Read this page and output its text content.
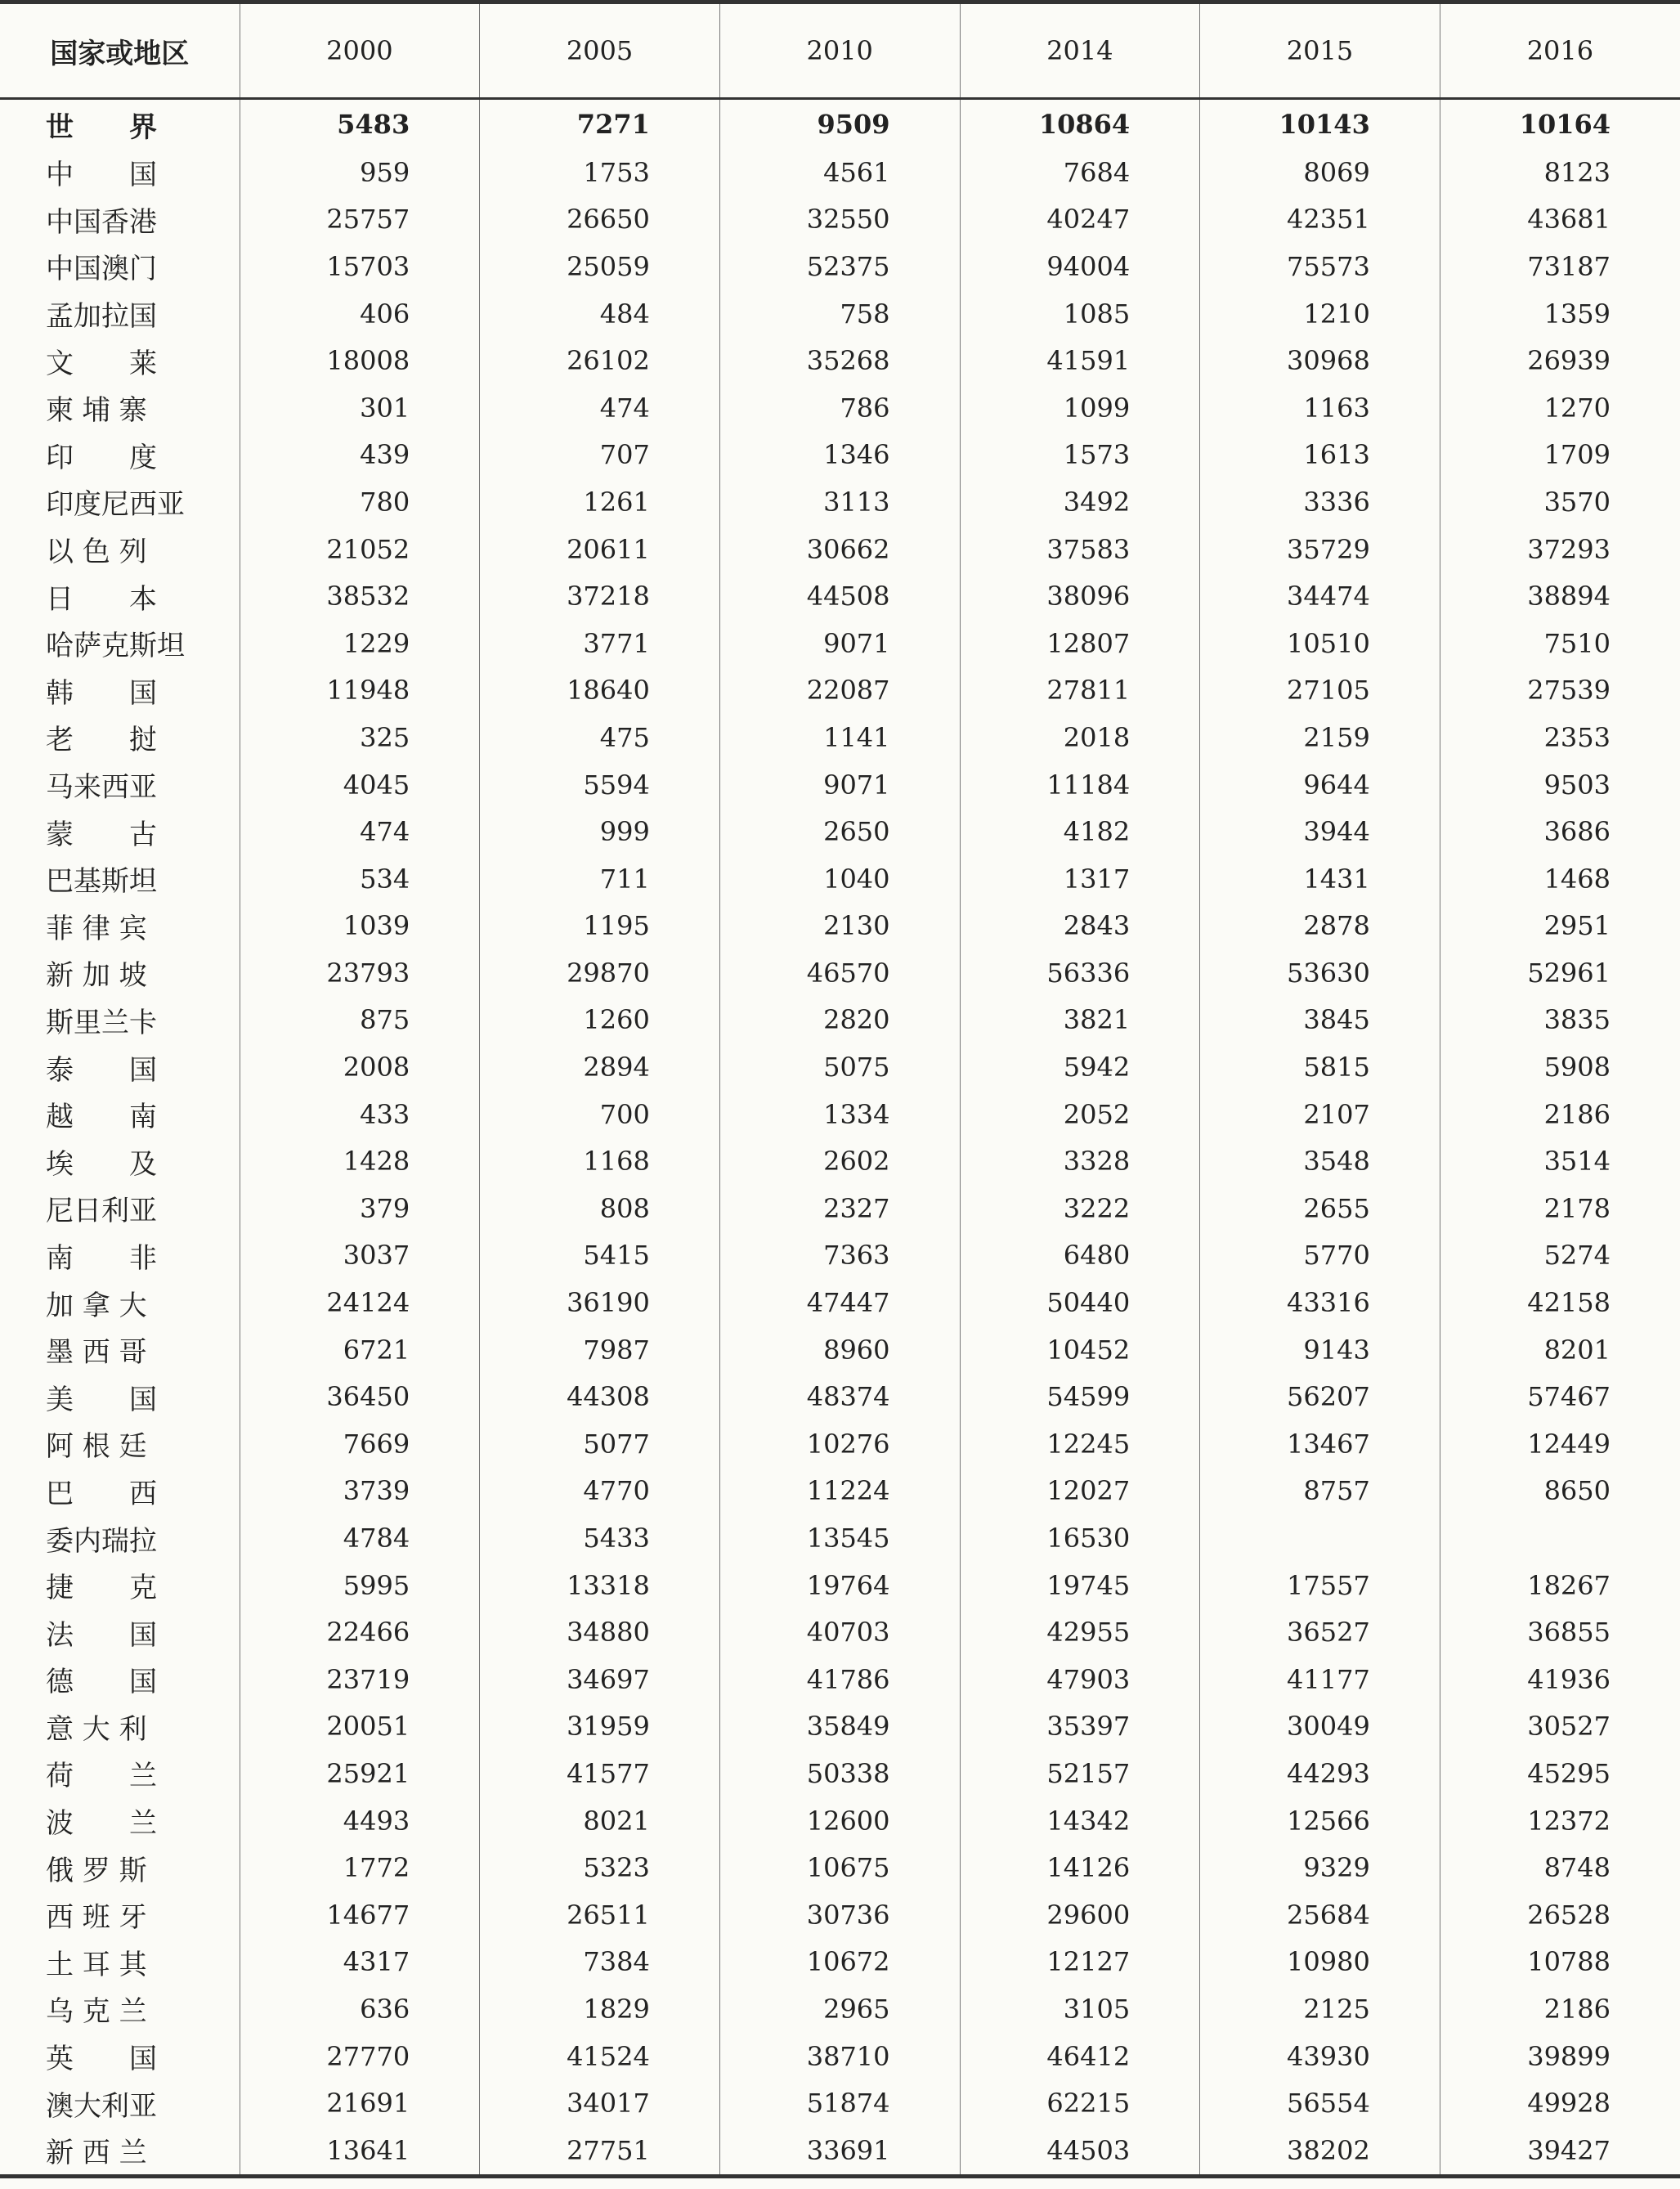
国家或地区	2000	2005	2010	2014	2015	2016
世　　界	5483	7271	9509	10864	10143	10164
中　　国	959	1753	4561	7684	8069	8123
中国香港	25757	26650	32550	40247	42351	43681
中国澳门	15703	25059	52375	94004	75573	73187
孟加拉国	406	484	758	1085	1210	1359
文　　莱	18008	26102	35268	41591	30968	26939
柬 埔 寨	301	474	786	1099	1163	1270
印　　度	439	707	1346	1573	1613	1709
印度尼西亚	780	1261	3113	3492	3336	3570
以 色 列	21052	20611	30662	37583	35729	37293
日　　本	38532	37218	44508	38096	34474	38894
哈萨克斯坦	1229	3771	9071	12807	10510	7510
韩　　国	11948	18640	22087	27811	27105	27539
老　　挝	325	475	1141	2018	2159	2353
马来西亚	4045	5594	9071	11184	9644	9503
蒙　　古	474	999	2650	4182	3944	3686
巴基斯坦	534	711	1040	1317	1431	1468
菲 律 宾	1039	1195	2130	2843	2878	2951
新 加 坡	23793	29870	46570	56336	53630	52961
斯里兰卡	875	1260	2820	3821	3845	3835
泰　　国	2008	2894	5075	5942	5815	5908
越　　南	433	700	1334	2052	2107	2186
埃　　及	1428	1168	2602	3328	3548	3514
尼日利亚	379	808	2327	3222	2655	2178
南　　非	3037	5415	7363	6480	5770	5274
加 拿 大	24124	36190	47447	50440	43316	42158
墨 西 哥	6721	7987	8960	10452	9143	8201
美　　国	36450	44308	48374	54599	56207	57467
阿 根 廷	7669	5077	10276	12245	13467	12449
巴　　西	3739	4770	11224	12027	8757	8650
委内瑞拉	4784	5433	13545	16530		
捷　　克	5995	13318	19764	19745	17557	18267
法　　国	22466	34880	40703	42955	36527	36855
德　　国	23719	34697	41786	47903	41177	41936
意 大 利	20051	31959	35849	35397	30049	30527
荷　　兰	25921	41577	50338	52157	44293	45295
波　　兰	4493	8021	12600	14342	12566	12372
俄 罗 斯	1772	5323	10675	14126	9329	8748
西 班 牙	14677	26511	30736	29600	25684	26528
土 耳 其	4317	7384	10672	12127	10980	10788
乌 克 兰	636	1829	2965	3105	2125	2186
英　　国	27770	41524	38710	46412	43930	39899
澳大利亚	21691	34017	51874	62215	56554	49928
新 西 兰	13641	27751	33691	44503	38202	39427
